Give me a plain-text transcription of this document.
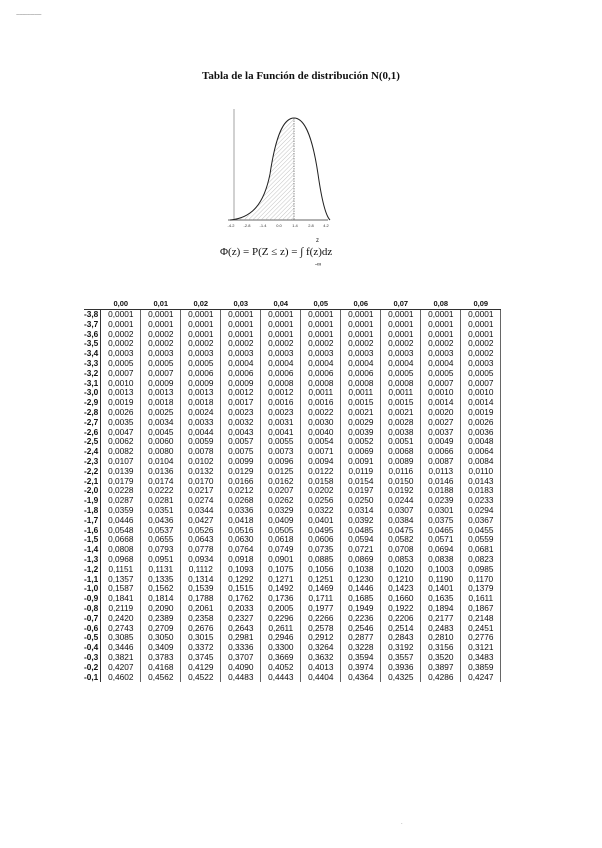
~~~~~~~
Tabla de la Función de distribución N(0,1)
-4.2 -2.8 -1.4 0.0	1.4	2.8 4.2
z
Φ(z) = P(Z ≤ z) = ∫ f(z)dz
-∞
	0,00	0,01	0,02	0,03	0,04	0,05	0,06	0,07	0,08	0,09
-3,8	0,0001	0,0001	0,0001	0,0001	0,0001	0,0001	0,0001	0,0001	0,0001	0,0001
-3,7	0,0001	0,0001	0,0001	0,0001	0,0001	0,0001	0,0001	0,0001	0,0001	0,0001
-3,6	0,0002	0,0002	0,0001	0,0001	0,0001	0,0001	0,0001	0,0001	0,0001	0,0001
-3,5	0,0002	0,0002	0,0002	0,0002	0,0002	0,0002	0,0002	0,0002	0,0002	0,0002
-3,4	0,0003	0,0003	0,0003	0,0003	0,0003	0,0003	0,0003	0,0003	0,0003	0,0002
-3,3	0,0005	0,0005	0,0005	0,0004	0,0004	0,0004	0,0004	0,0004	0,0004	0,0003
-3,2	0,0007	0,0007	0,0006	0,0006	0,0006	0,0006	0,0006	0,0005	0,0005	0,0005
-3,1	0,0010	0,0009	0,0009	0,0009	0,0008	0,0008	0,0008	0,0008	0,0007	0,0007
-3,0	0,0013	0,0013	0,0013	0,0012	0,0012	0,0011	0,0011	0,0011	0,0010	0,0010
-2,9	0,0019	0,0018	0,0018	0,0017	0,0016	0,0016	0,0015	0,0015	0,0014	0,0014
-2,8	0,0026	0,0025	0,0024	0,0023	0,0023	0,0022	0,0021	0,0021	0,0020	0,0019
-2,7	0,0035	0,0034	0,0033	0,0032	0,0031	0,0030	0,0029	0,0028	0,0027	0,0026
-2,6	0,0047	0,0045	0,0044	0,0043	0,0041	0,0040	0,0039	0,0038	0,0037	0,0036
-2,5	0,0062	0,0060	0,0059	0,0057	0,0055	0,0054	0,0052	0,0051	0,0049	0,0048
-2,4	0,0082	0,0080	0,0078	0,0075	0,0073	0,0071	0,0069	0,0068	0,0066	0,0064
-2,3	0,0107	0,0104	0,0102	0,0099	0,0096	0,0094	0,0091	0,0089	0,0087	0,0084
-2,2	0,0139	0,0136	0,0132	0,0129	0,0125	0,0122	0,0119	0,0116	0,0113	0,0110
-2,1	0,0179	0,0174	0,0170	0,0166	0,0162	0,0158	0,0154	0,0150	0,0146	0,0143
-2,0	0,0228	0,0222	0,0217	0,0212	0,0207	0,0202	0,0197	0,0192	0,0188	0,0183
-1,9	0,0287	0,0281	0,0274	0,0268	0,0262	0,0256	0,0250	0,0244	0,0239	0,0233
-1,8	0,0359	0,0351	0,0344	0,0336	0,0329	0,0322	0,0314	0,0307	0,0301	0,0294
-1,7	0,0446	0,0436	0,0427	0,0418	0,0409	0,0401	0,0392	0,0384	0,0375	0,0367
-1,6	0,0548	0,0537	0,0526	0,0516	0,0505	0,0495	0,0485	0,0475	0,0465	0,0455
-1,5	0,0668	0,0655	0,0643	0,0630	0,0618	0,0606	0,0594	0,0582	0,0571	0,0559
-1,4	0,0808	0,0793	0,0778	0,0764	0,0749	0,0735	0,0721	0,0708	0,0694	0,0681
-1,3	0,0968	0,0951	0,0934	0,0918	0,0901	0,0885	0,0869	0,0853	0,0838	0,0823
-1,2	0,1151	0,1131	0,1112	0,1093	0,1075	0,1056	0,1038	0,1020	0,1003	0,0985
-1,1	0,1357	0,1335	0,1314	0,1292	0,1271	0,1251	0,1230	0,1210	0,1190	0,1170
-1,0	0,1587	0,1562	0,1539	0,1515	0,1492	0,1469	0,1446	0,1423	0,1401	0,1379
-0,9	0,1841	0,1814	0,1788	0,1762	0,1736	0,1711	0,1685	0,1660	0,1635	0,1611
-0,8	0,2119	0,2090	0,2061	0,2033	0,2005	0,1977	0,1949	0,1922	0,1894	0,1867
-0,7	0,2420	0,2389	0,2358	0,2327	0,2296	0,2266	0,2236	0,2206	0,2177	0,2148
-0,6	0,2743	0,2709	0,2676	0,2643	0,2611	0,2578	0,2546	0,2514	0,2483	0,2451
-0,5	0,3085	0,3050	0,3015	0,2981	0,2946	0,2912	0,2877	0,2843	0,2810	0,2776
-0,4	0,3446	0,3409	0,3372	0,3336	0,3300	0,3264	0,3228	0,3192	0,3156	0,3121
-0,3	0,3821	0,3783	0,3745	0,3707	0,3669	0,3632	0,3594	0,3557	0,3520	0,3483
-0,2	0,4207	0,4168	0,4129	0,4090	0,4052	0,4013	0,3974	0,3936	0,3897	0,3859
-0,1	0,4602	0,4562	0,4522	0,4483	0,4443	0,4404	0,4364	0,4325	0,4286	0,4247
.
